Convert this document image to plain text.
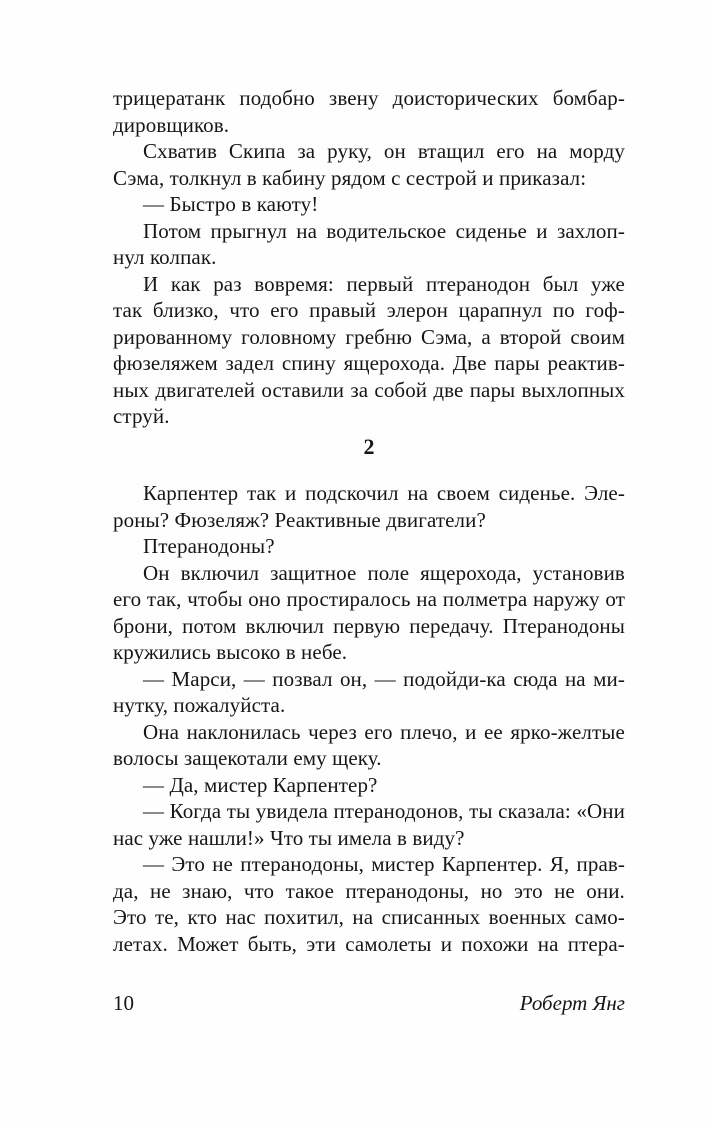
трицератанк подобно звену доисторических бомбар-
дировщиков.
Схватив Скипа за руку, он втащил его на морду
Сэма, толкнул в кабину рядом с сестрой и приказал:
— Быстро в каюту!
Потом прыгнул на водительское сиденье и захлоп-
нул колпак.
И как раз вовремя: первый птеранодон был уже
так близко, что его правый элерон царапнул по гоф-
рированному головному гребню Сэма, а второй своим
фюзеляжем задел спину ящерохода. Две пары реактив-
ных двигателей оставили за собой две пары выхлопных
струй.
2
Карпентер так и подскочил на своем сиденье. Эле-
роны? Фюзеляж? Реактивные двигатели?
Птеранодоны?
Он включил защитное поле ящерохода, установив
его так, чтобы оно простиралось на полметра наружу от
брони, потом включил первую передачу. Птеранодоны
кружились высоко в небе.
— Марси, — позвал он, — подойди-ка сюда на ми-
нутку, пожалуйста.
Она наклонилась через его плечо, и ее ярко-желтые
волосы защекотали ему щеку.
— Да, мистер Карпентер?
— Когда ты увидела птеранодонов, ты сказала: «Они
нас уже нашли!» Что ты имела в виду?
— Это не птеранодоны, мистер Карпентер. Я, прав-
да, не знаю, что такое птеранодоны, но это не они.
Это те, кто нас похитил, на списанных военных само-
летах. Может быть, эти самолеты и похожи на птера-
10	Роберт Янг
